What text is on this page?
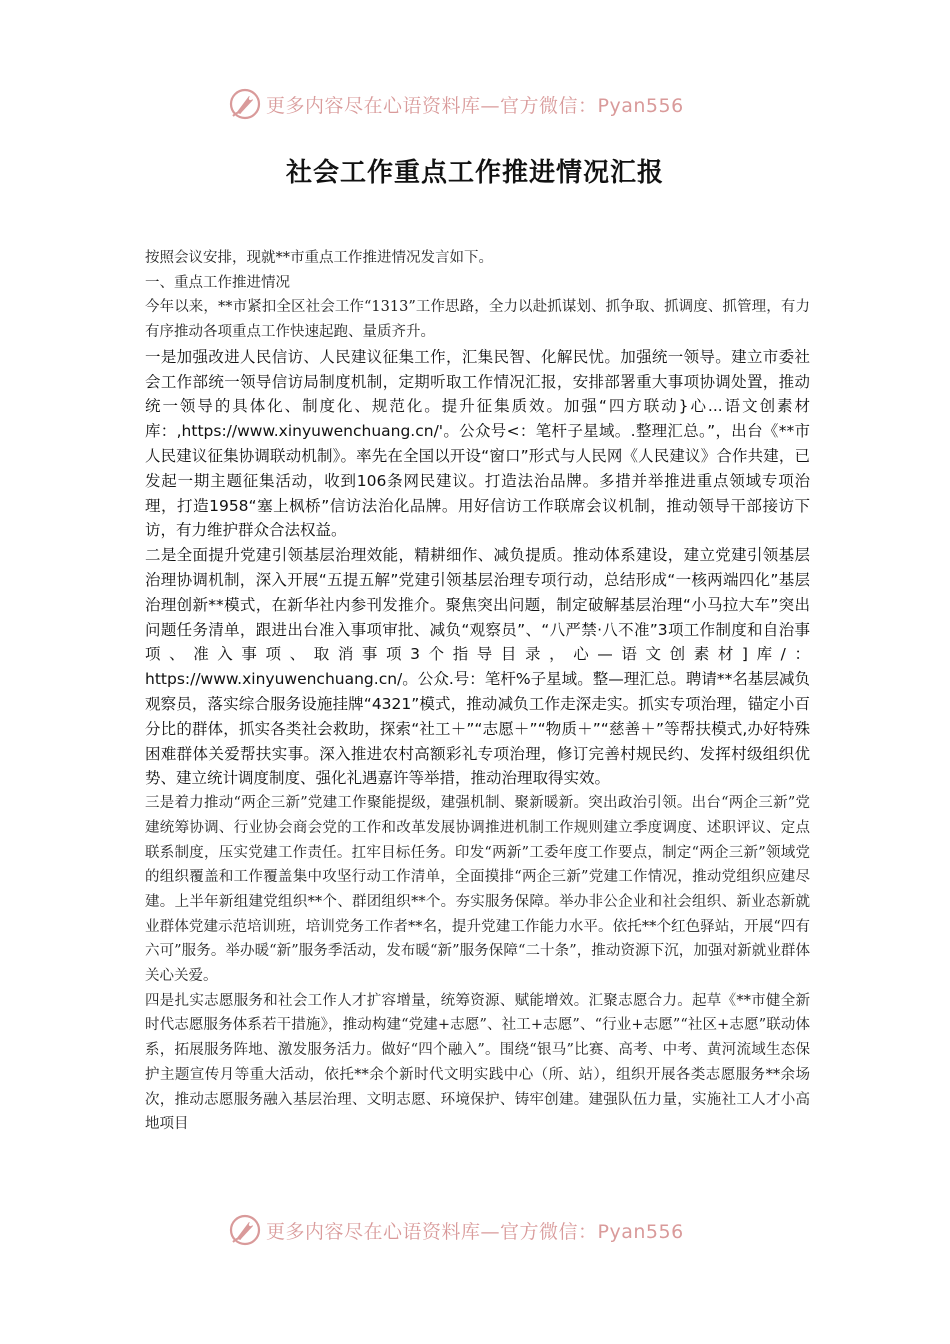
更多内容尽在心语资料库—官方微信：Pyan556
社会工作重点工作推进情况汇报

按照会议安排，现就**市重点工作推进情况发言如下。

一、重点工作推进情况

今年以来，**市紧扣全区社会工作“1313”工作思路，全力以赴抓谋划、抓争取、抓调度、抓管理，有力有序推动各项重点工作快速起跑、量质齐升。

一是加强改进人民信访、人民建议征集工作，汇集民智、化解民忧。加强统一领导。建立市委社会工作部统一领导信访局制度机制，定期听取工作情况汇报，安排部署重大事项协调处置，推动统一领导的具体化、制度化、规范化。提升征集质效。加强“四方联动}心...语文创素材库：,https://www.xinyuwenchuang.cn/'。公众号<：笔杆子星域。.整理汇总。”，出台《**市人民建议征集协调联动机制》。率先在全国以开设“窗口”形式与人民网《人民建议》合作共建，已发起一期主题征集活动，收到106条网民建议。打造法治品牌。多措并举推进重点领域专项治理，打造1958“塞上枫桥”信访法治化品牌。用好信访工作联席会议机制，推动领导干部接访下访，有力维护群众合法权益。

二是全面提升党建引领基层治理效能，精耕细作、减负提质。推动体系建设，建立党建引领基层治理协调机制，深入开展“五提五解”党建引领基层治理专项行动，总结形成“一核两端四化”基层治理创新**模式，在新华社内参刊发推介。聚焦突出问题，制定破解基层治理“小马拉大车”突出问题任务清单，跟进出台准入事项审批、减负“观察员”、“八严禁·八不准”3项工作制度和自治事项、准入事项、取消事项3个指导目录，心—语文创素材]库/：https://www.xinyuwenchuang.cn/。公众.号：笔杆%子星域。整—理汇总。聘请**名基层减负观察员，落实综合服务设施挂牌“4321”模式，推动减负工作走深走实。抓实专项治理，锚定小百分比的群体，抓实各类社会救助，探索“社工＋”“志愿＋”“物质＋”“慈善＋”等帮扶模式,办好特殊困难群体关爱帮扶实事。深入推进农村高额彩礼专项治理，修订完善村规民约、发挥村级组织优势、建立统计调度制度、强化礼遇嘉许等举措，推动治理取得实效。

三是着力推动“两企三新”党建工作聚能提级，建强机制、聚新暖新。突出政治引领。出台“两企三新”党建统筹协调、行业协会商会党的工作和改革发展协调推进机制工作规则建立季度调度、述职评议、定点联系制度，压实党建工作责任。扛牢目标任务。印发“两新”工委年度工作要点，制定“两企三新”领域党的组织覆盖和工作覆盖集中攻坚行动工作清单，全面摸排“两企三新”党建工作情况，推动党组织应建尽建。上半年新组建党组织**个、群团组织**个。夯实服务保障。举办非公企业和社会组织、新业态新就业群体党建示范培训班，培训党务工作者**名，提升党建工作能力水平。依托**个红色驿站，开展“四有六可”服务。举办暖“新”服务季活动，发布暖“新”服务保障“二十条”，推动资源下沉，加强对新就业群体关心关爱。

四是扎实志愿服务和社会工作人才扩容增量，统筹资源、赋能增效。汇聚志愿合力。起草《**市健全新时代志愿服务体系若干措施》，推动构建“党建+志愿”、社工+志愿”、“行业+志愿”“社区+志愿”联动体系，拓展服务阵地、激发服务活力。做好“四个融入”。围绕“银马”比赛、高考、中考、黄河流域生态保护主题宣传月等重大活动，依托**余个新时代文明实践中心（所、站），组织开展各类志愿服务**余场次，推动志愿服务融入基层治理、文明志愿、环境保护、铸牢创建。建强队伍力量，实施社工人才小高地项目

更多内容尽在心语资料库—官方微信：Pyan556
